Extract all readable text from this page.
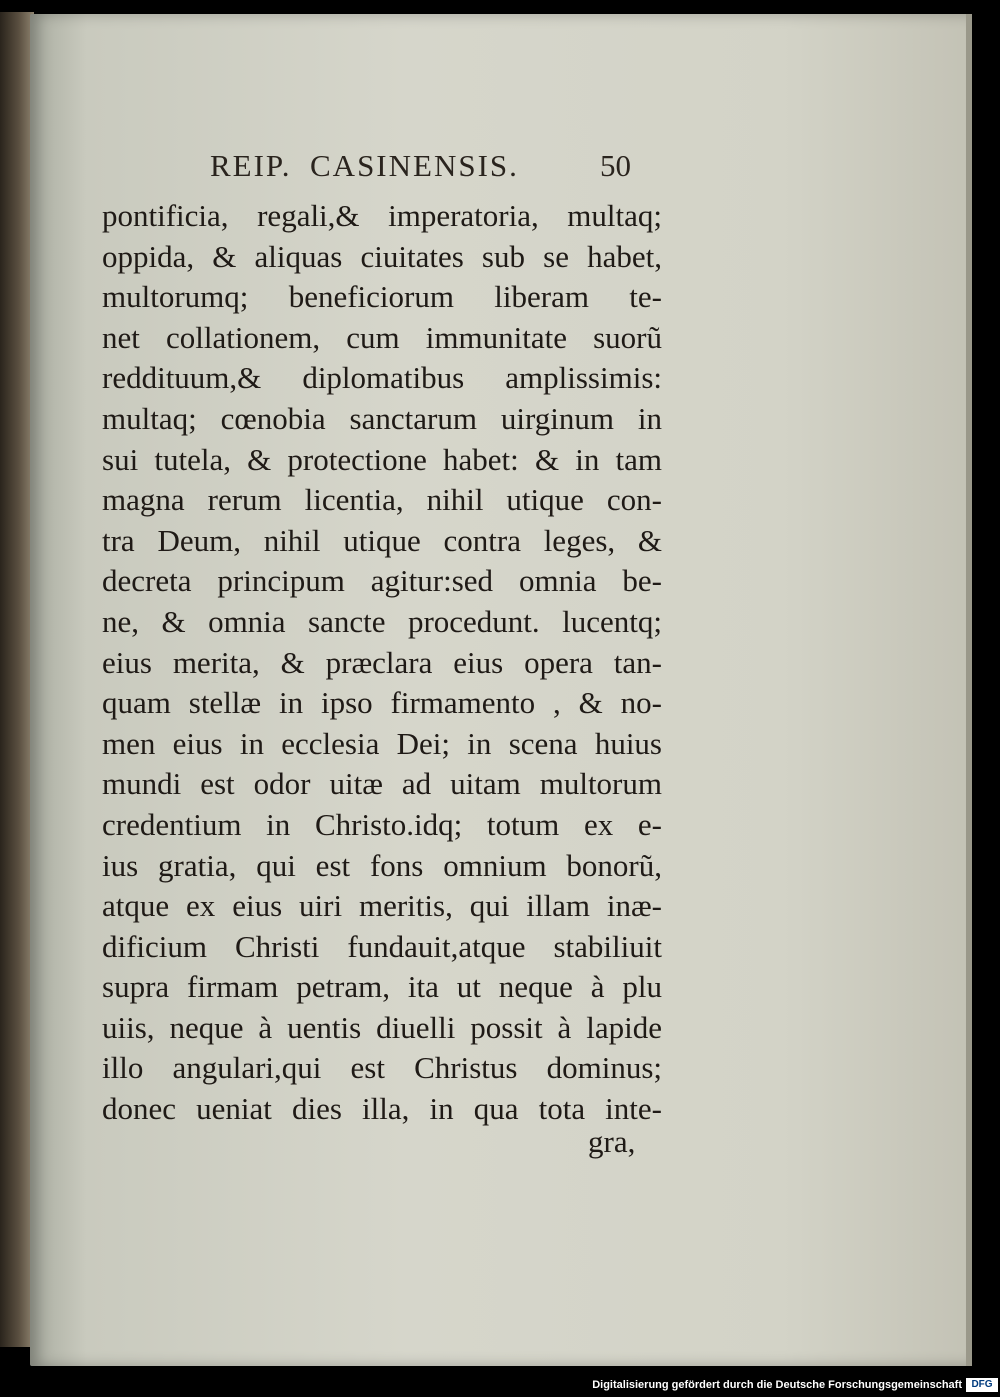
REIP. CASINENSIS.	50
pontificia, regali,& imperatoria, multaq;
oppida, & aliquas ciuitates sub se habet,
multorumq; beneficiorum liberam te-
net collationem, cum immunitate suorũ
reddituum,& diplomatibus amplissimis:
multaq; cœnobia sanctarum uirginum in
sui tutela, & protectione habet: & in tam
magna rerum licentia, nihil utique con-
tra Deum, nihil utique contra leges, &
decreta principum agitur:sed omnia be-
ne, & omnia sancte procedunt. lucentq;
eius merita, & præclara eius opera tan-
quam stellæ in ipso firmamento , & no-
men eius in ecclesia Dei; in scena huius
mundi est odor uitæ ad uitam multorum
credentium in Christo.idq; totum ex e-
ius gratia, qui est fons omnium bonorũ,
atque ex eius uiri meritis, qui illam inæ-
dificium Christi fundauit,atque stabiliuit
supra firmam petram, ita ut neque à plu
uiis, neque à uentis diuelli possit à lapide
illo angulari,qui est Christus dominus;
donec ueniat dies illa, in qua tota inte-
gra,
Digitalisierung gefördert durch die Deutsche Forschungsgemeinschaft DFG
